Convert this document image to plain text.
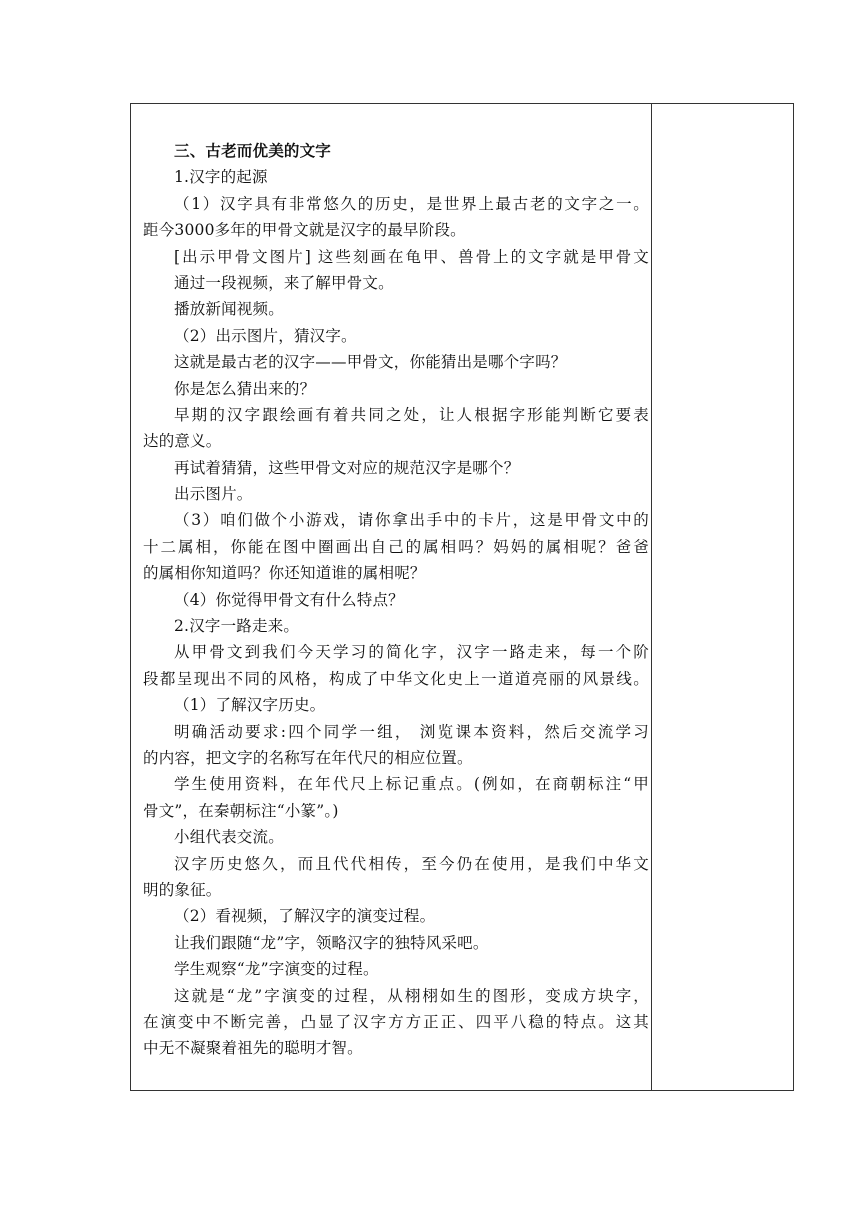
三、古老而优美的文字
1.汉字的起源
（1）汉字具有非常悠久的历史，是世界上最古老的文字之一。
距今3000多年的甲骨文就是汉字的最早阶段。
[出示甲骨文图片] 这些刻画在龟甲、兽骨上的文字就是甲骨文
通过一段视频，来了解甲骨文。
播放新闻视频。
（2）出示图片，猜汉字。
这就是最古老的汉字——甲骨文，你能猜出是哪个字吗？
你是怎么猜出来的？
早期的汉字跟绘画有着共同之处，让人根据字形能判断它要表
达的意义。
再试着猜猜，这些甲骨文对应的规范汉字是哪个？
出示图片。
（3）咱们做个小游戏，请你拿出手中的卡片，这是甲骨文中的
十二属相，你能在图中圈画出自己的属相吗？妈妈的属相呢？爸爸
的属相你知道吗？你还知道谁的属相呢？
（4）你觉得甲骨文有什么特点？
2.汉字一路走来。
从甲骨文到我们今天学习的简化字，汉字一路走来，每一个阶
段都呈现出不同的风格，构成了中华文化史上一道道亮丽的风景线。
（1）了解汉字历史。
明确活动要求:四个同学一组， 浏览课本资料，然后交流学习
的内容，把文字的名称写在年代尺的相应位置。
学生使用资料，在年代尺上标记重点。(例如，在商朝标注“甲
骨文”，在秦朝标注“小篆”。)
小组代表交流。
汉字历史悠久，而且代代相传，至今仍在使用，是我们中华文
明的象征。
（2）看视频，了解汉字的演变过程。
让我们跟随“龙”字，领略汉字的独特风采吧。
学生观察“龙”字演变的过程。
这就是“龙”字演变的过程，从栩栩如生的图形，变成方块字，
在演变中不断完善，凸显了汉字方方正正、四平八稳的特点。这其
中无不凝聚着祖先的聪明才智。
